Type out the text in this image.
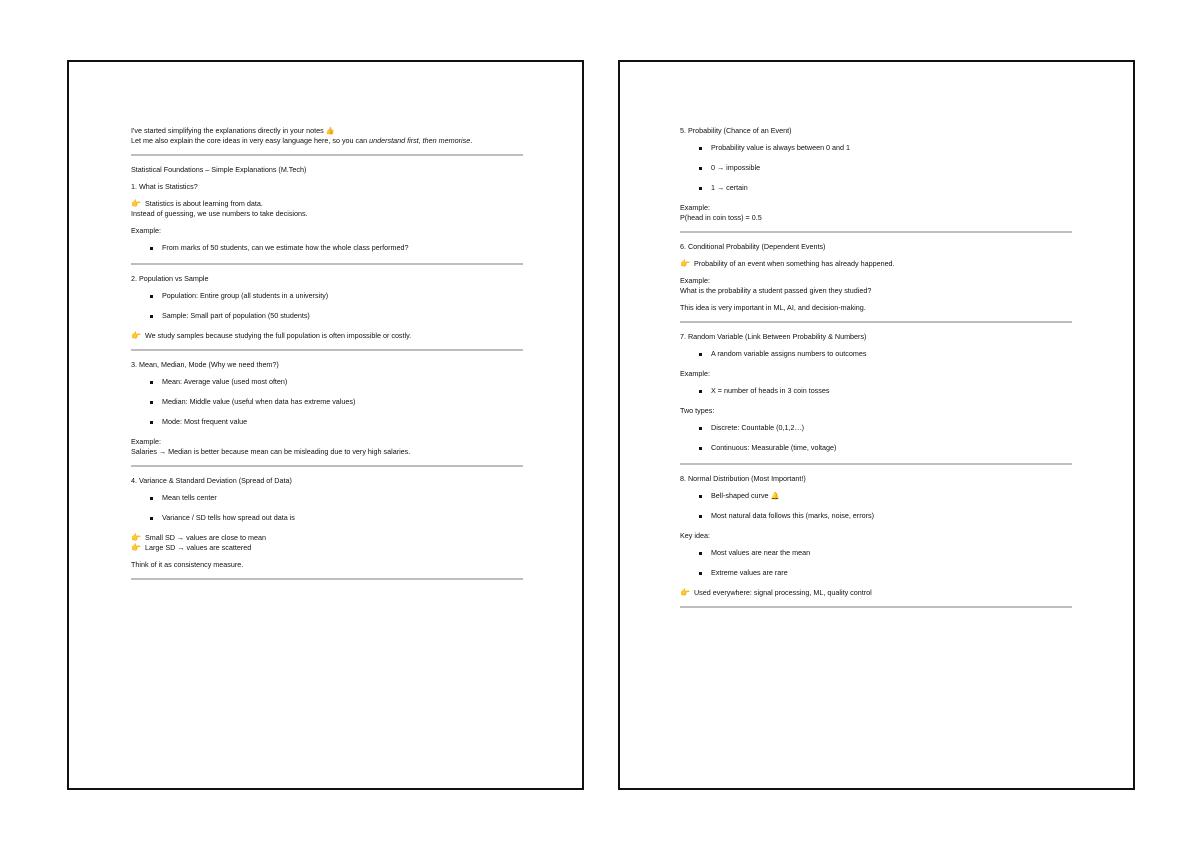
I've started simplifying the explanations directly in your notes 👍
Let me also explain the core ideas in very easy language here, so you can understand first, then memorise.
Statistical Foundations – Simple Explanations (M.Tech)
1. What is Statistics?
👉 Statistics is about learning from data.
Instead of guessing, we use numbers to take decisions.
Example:
From marks of 50 students, can we estimate how the whole class performed?
2. Population vs Sample
Population: Entire group (all students in a university)
Sample: Small part of population (50 students)
👉 We study samples because studying the full population is often impossible or costly.
3. Mean, Median, Mode (Why we need them?)
Mean: Average value (used most often)
Median: Middle value (useful when data has extreme values)
Mode: Most frequent value
Example:
Salaries → Median is better because mean can be misleading due to very high salaries.
4. Variance & Standard Deviation (Spread of Data)
Mean tells center
Variance / SD tells how spread out data is
👉 Small SD → values are close to mean
👉 Large SD → values are scattered
Think of it as consistency measure.
5. Probability (Chance of an Event)
Probability value is always between 0 and 1
0 → impossible
1 → certain
Example:
P(head in coin toss) = 0.5
6. Conditional Probability (Dependent Events)
👉 Probability of an event when something has already happened.
Example:
What is the probability a student passed given they studied?
This idea is very important in ML, AI, and decision-making.
7. Random Variable (Link Between Probability & Numbers)
A random variable assigns numbers to outcomes
Example:
X = number of heads in 3 coin tosses
Two types:
Discrete: Countable (0,1,2…)
Continuous: Measurable (time, voltage)
8. Normal Distribution (Most Important!)
Bell-shaped curve 🔔
Most natural data follows this (marks, noise, errors)
Key idea:
Most values are near the mean
Extreme values are rare
👉 Used everywhere: signal processing, ML, quality control
